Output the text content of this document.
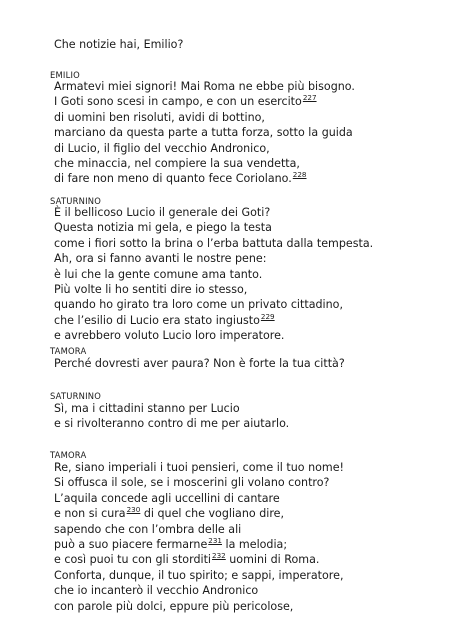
Che notizie hai, Emilio?
EMILIO
Armatevi miei signori! Mai Roma ne ebbe più bisogno.
I Goti sono scesi in campo, e con un esercito$^{227}$
di uomini ben risoluti, avidi di bottino,
marciano da questa parte a tutta forza, sotto la guida
di Lucio, il figlio del vecchio Andronico,
che minaccia, nel compiere la sua vendetta,
di fare non meno di quanto fece Coriolano.$^{228}$
SATURNINO
È il bellicoso Lucio il generale dei Goti?
Questa notizia mi gela, e piego la testa
come i fiori sotto la brina o l’erba battuta dalla tempesta.
Ah, ora si fanno avanti le nostre pene:
è lui che la gente comune ama tanto.
Più volte li ho sentiti dire io stesso,
quando ho girato tra loro come un privato cittadino,
che l’esilio di Lucio era stato ingiusto$^{229}$
e avrebbero voluto Lucio loro imperatore.
TAMORA
Perché dovresti aver paura? Non è forte la tua città?
SATURNINO
Sì, ma i cittadini stanno per Lucio
e si rivolteranno contro di me per aiutarlo.
TAMORA
Re, siano imperiali i tuoi pensieri, come il tuo nome!
Si offusca il sole, se i moscerini gli volano contro?
L’aquila concede agli uccellini di cantare
e non si cura$^{230}$ di quel che vogliano dire,
sapendo che con l’ombra delle ali
può a suo piacere fermarne$^{231}$ la melodia;
e così puoi tu con gli storditi$^{232}$ uomini di Roma.
Conforta, dunque, il tuo spirito; e sappi, imperatore,
che io incanterò il vecchio Andronico
con parole più dolci, eppure più pericolose,
